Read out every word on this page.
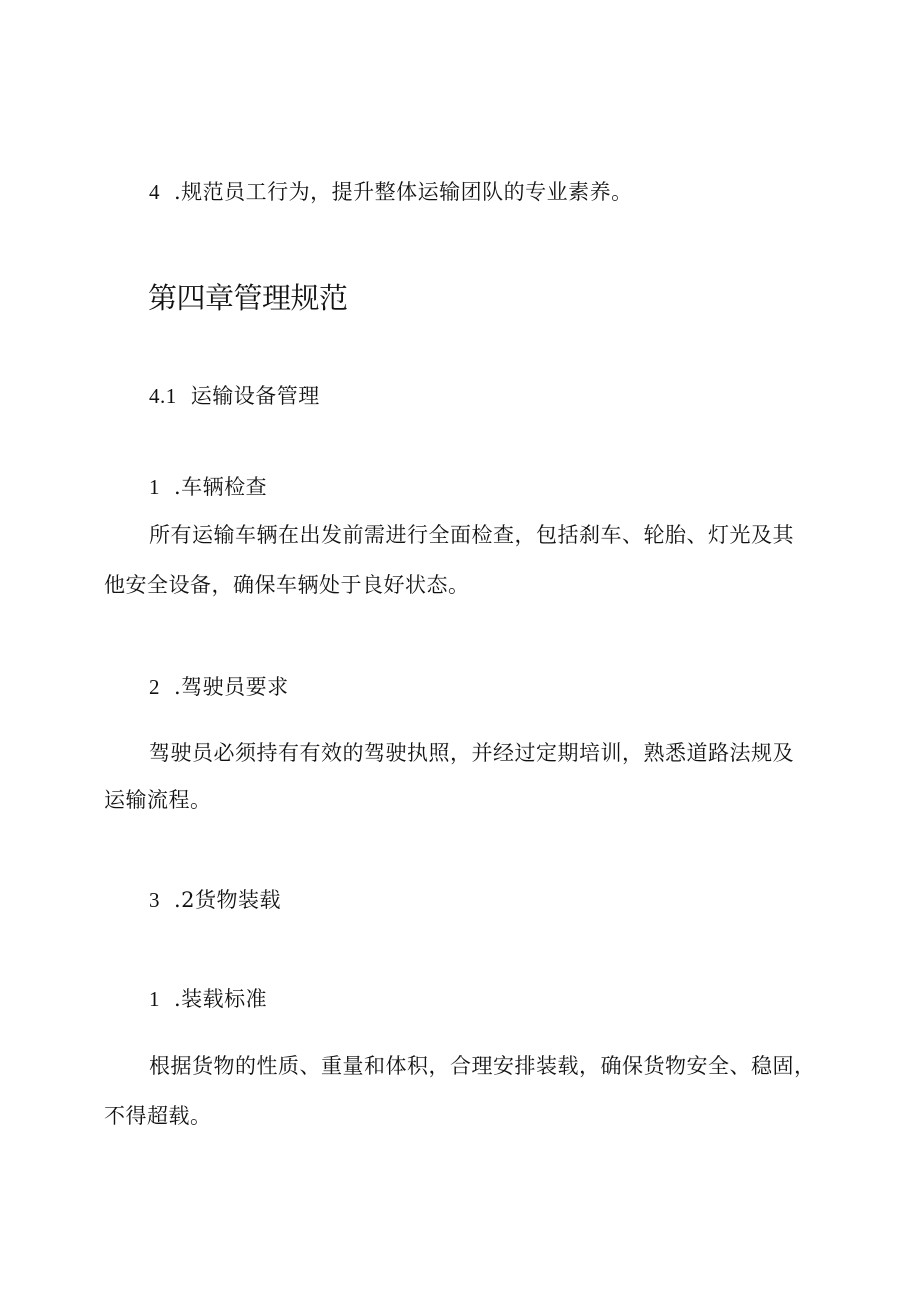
4 .规范员工行为，提升整体运输团队的专业素养。
第四章管理规范
4.1 运输设备管理
1 .车辆检查
所有运输车辆在出发前需进行全面检查，包括刹车、轮胎、灯光及其
他安全设备，确保车辆处于良好状态。
2 .驾驶员要求
驾驶员必须持有有效的驾驶执照，并经过定期培训，熟悉道路法规及
运输流程。
3 .2货物装载
1 .装载标准
根据货物的性质、重量和体积，合理安排装载，确保货物安全、稳固，
不得超载。
